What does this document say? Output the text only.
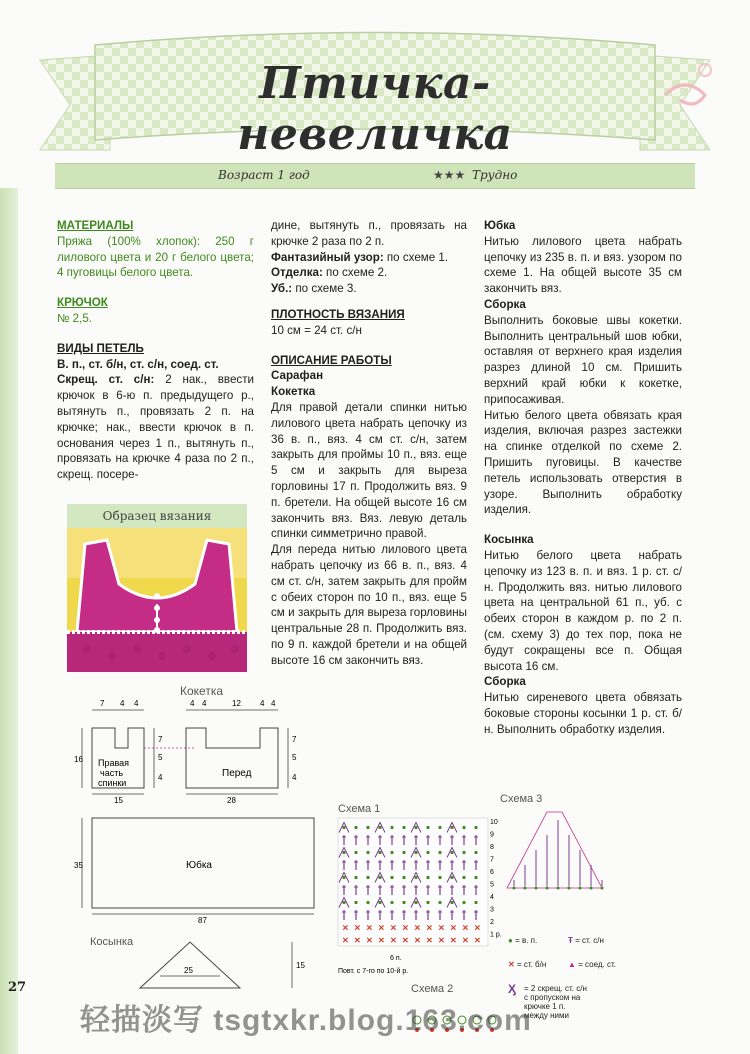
Птичка-невеличка
Возраст 1 год	★★★ Трудно

МАТЕРИАЛЫ

Пряжа (100% хлопок): 250 г лилового цвета и 20 г белого цвета; 4 пуговицы белого цвета.

КРЮЧОК

№ 2,5.

ВИДЫ ПЕТЕЛЬ

В. п., ст. б/н, ст. с/н, соед. ст.

Скрещ. ст. с/н: 2 нак., ввести крючок в 6-ю п. предыдущего р., вытянуть п., провязать 2 п. на крючке; нак., ввести крючок в п. основания через 1 п., вытянуть п., провязать на крючке 4 раза по 2 п., скрещ. посере-

дине, вытянуть п., провязать на крючке 2 раза по 2 п.

Фантазийный узор: по схеме 1.

Отделка: по схеме 2.

Уб.: по схеме 3.

ПЛОТНОСТЬ ВЯЗАНИЯ

10 см = 24 ст. с/н

ОПИСАНИЕ РАБОТЫ

Сарафан

Кокетка

Для правой детали спинки нитью лилового цвета набрать цепочку из 36 в. п., вяз. 4 см ст. с/н, затем закрыть для проймы 10 п., вяз. еще 5 см и закрыть для выреза горловины 17 п. Продолжить вяз. 9 п. бретели. На общей высоте 16 см закончить вяз. Вяз. левую деталь спинки симметрично правой.

Для переда нитью лилового цвета набрать цепочку из 66 в. п., вяз. 4 см ст. с/н, затем закрыть для пройм с обеих сторон по 10 п., вяз. еще 5 см и закрыть для выреза горловины центральные 28 п. Продолжить вяз. по 9 п. каждой бретели и на общей высоте 16 см закончить вяз.

Юбка

Нитью лилового цвета набрать цепочку из 235 в. п. и вяз. узором по схеме 1. На общей высоте 35 см закончить вяз.

Сборка

Выполнить боковые швы кокетки. Выполнить центральный шов юбки, оставляя от верхнего края изделия разрез длиной 10 см. Пришить верхний край юбки к кокетке, припосаживая.

Нитью белого цвета обвязать края изделия, включая разрез застежки на спинке отделкой по схеме 2. Пришить пуговицы. В качестве петель использовать отверстия в узоре. Выполнить обработку изделия.

Косынка

Нитью белого цвета набрать цепочку из 123 в. п. и вяз. 1 р. ст. с/н. Продолжить вяз. нитью лилового цвета на центральной 61 п., уб. с обеих сторон в каждом р. по 2 п. (см. схему 3) до тех пор, пока не будут сокращены все п. Общая высота 16 см.

Сборка

Нитью сиреневого цвета обвязать боковые стороны косынки 1 р. ст. б/н. Выполнить обработку изделия.

Образец вязания
Кокетка
7 4 4
Правая
часть
спинки
16
15
7
5
4
4 4	12 4 4
Перед
28
7
5
4
Юбка
35
87
Косынка
25
15
Схема 1
✕ ✕ ✕ ✕ ✕ ✕ ✕ ✕ ✕ ✕ ✕ ✕
✕ ✕ ✕ ✕ ✕ ✕ ✕ ✕ ✕ ✕ ✕ ✕
10
9
8
7
6
5
4
3
2
1 р.
6 п.
Повт. с 7-го по 10-й р.
Схема 3
● = в. п.	Ŧ = ст. с/н
✕ = ст. б/н	▲ = соед. ст.
Ӽ = 2 скрещ. ст. с/н
с пропуском на
крючке 1 п.
между ними
Схема 2
27
轻描淡写 tsgtxkr.blog.163.com
